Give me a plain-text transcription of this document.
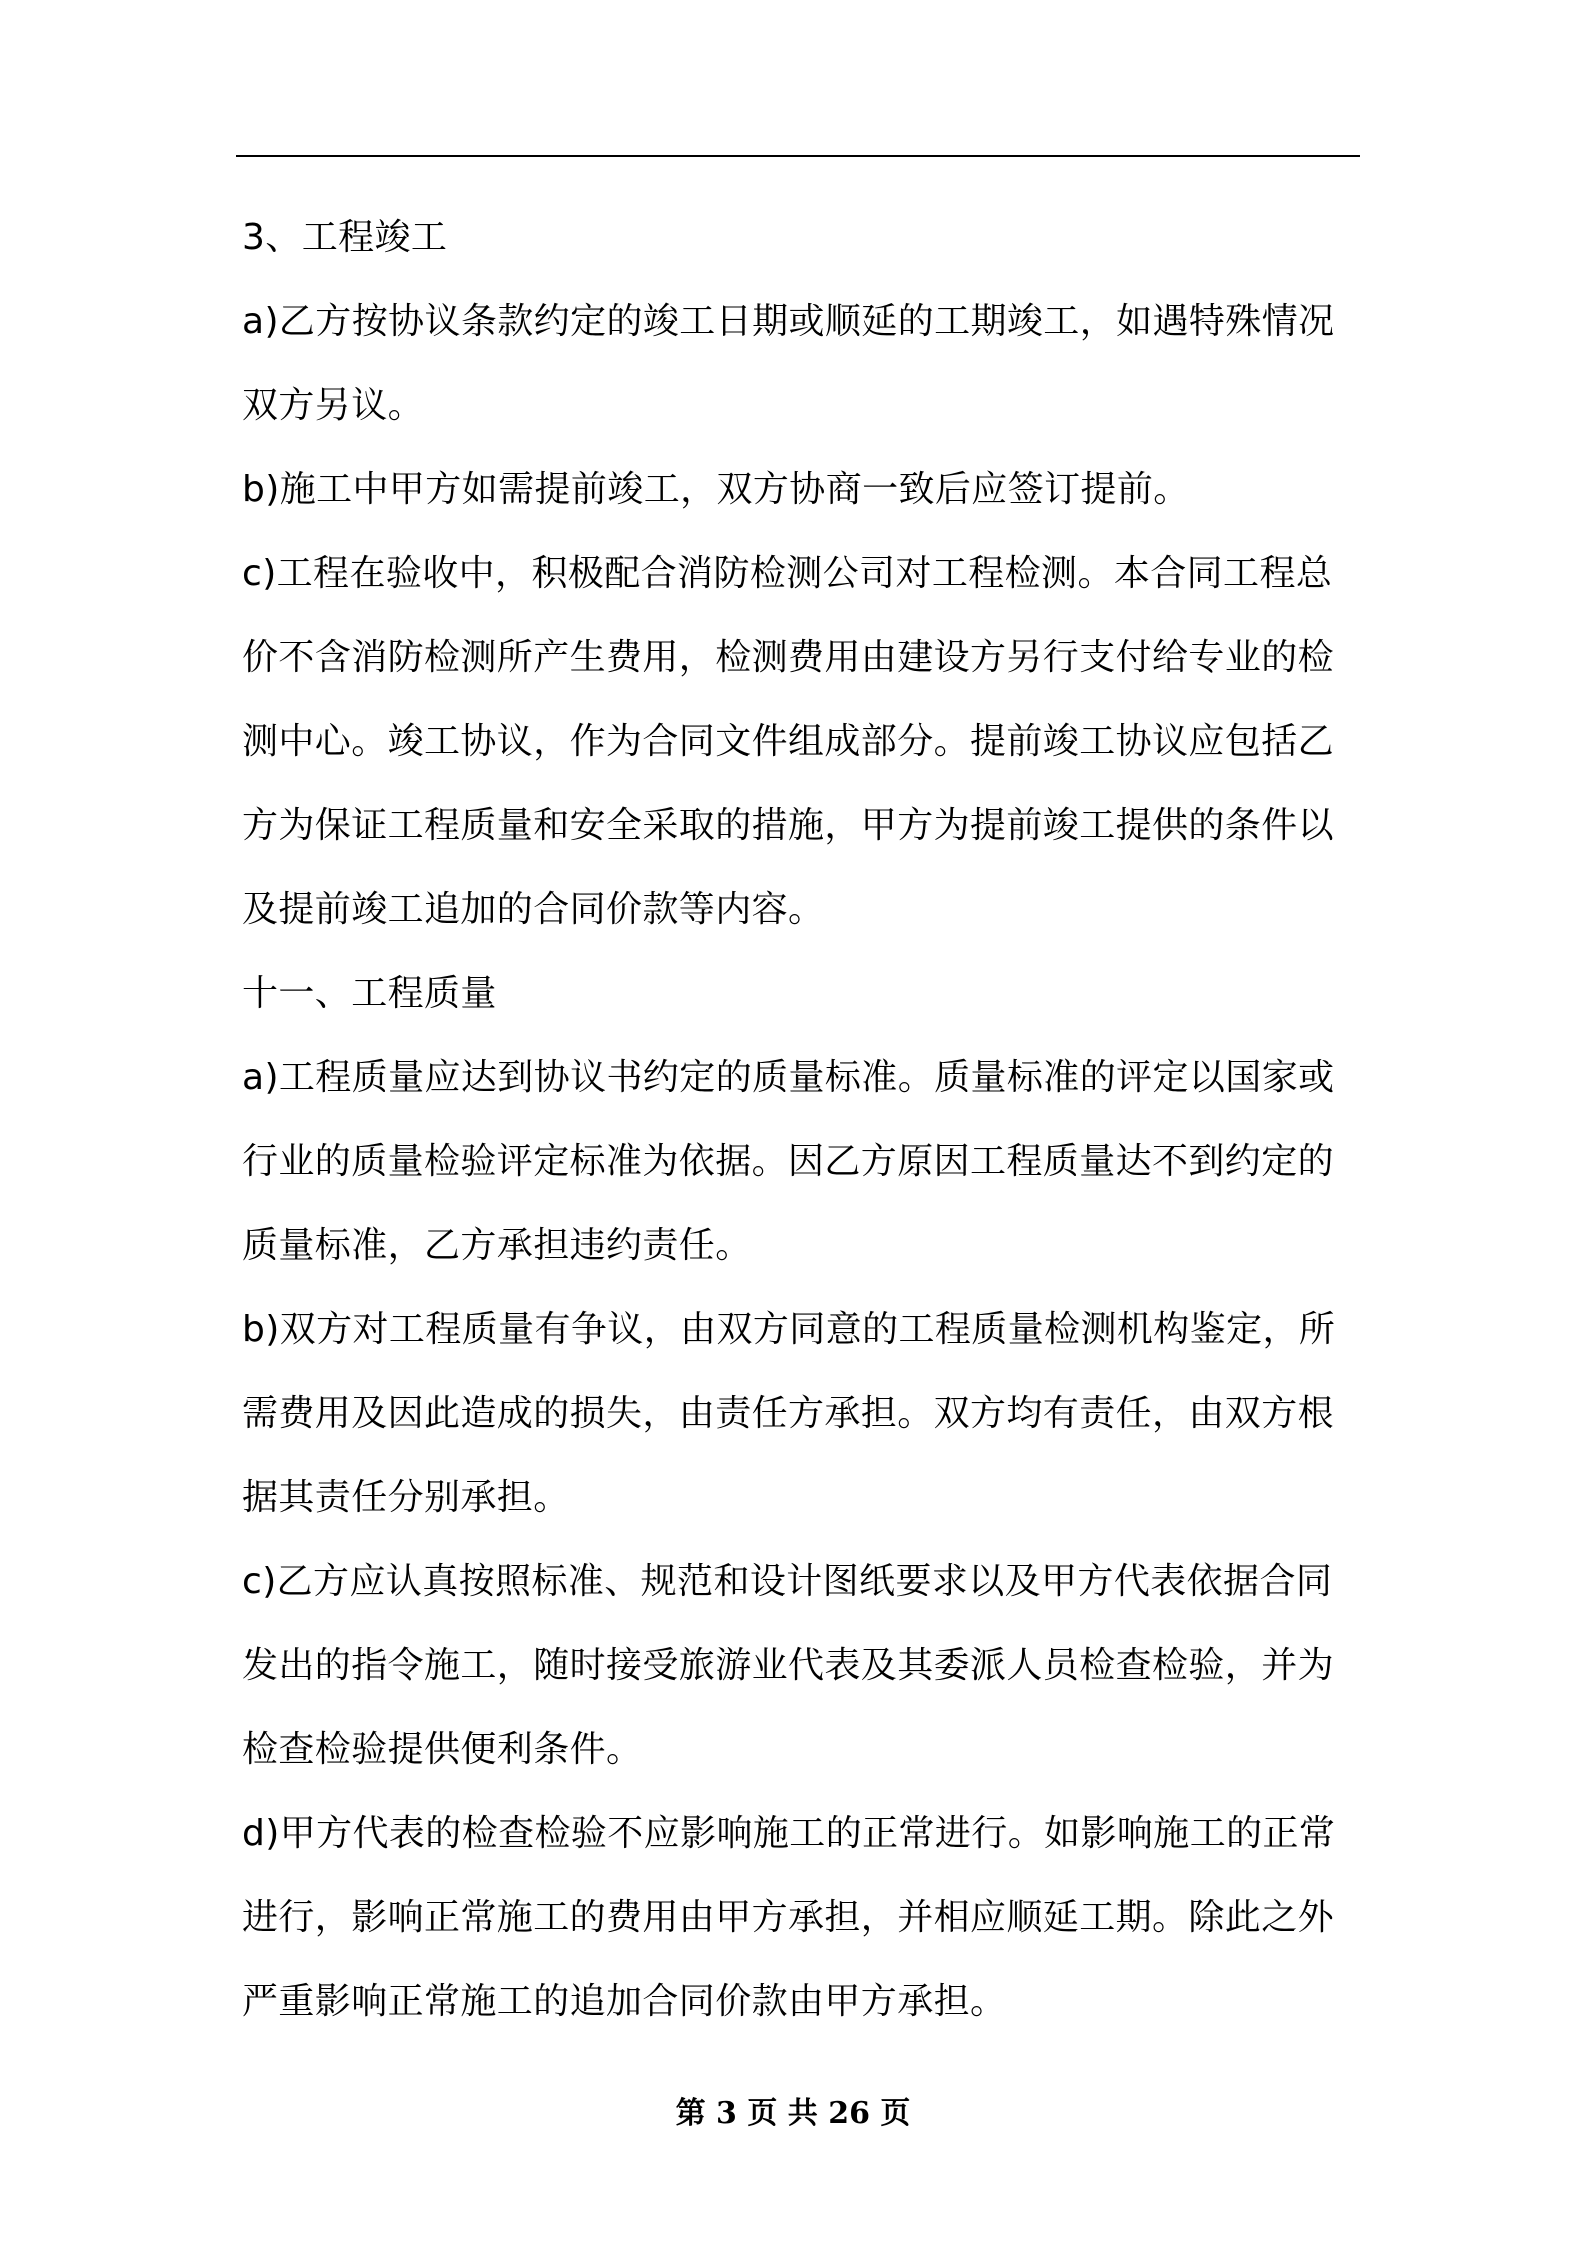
3、工程竣工
a)乙方按协议条款约定的竣工日期或顺延的工期竣工，如遇特殊情况
双方另议。
b)施工中甲方如需提前竣工，双方协商一致后应签订提前。
c)工程在验收中，积极配合消防检测公司对工程检测。本合同工程总
价不含消防检测所产生费用，检测费用由建设方另行支付给专业的检
测中心。竣工协议，作为合同文件组成部分。提前竣工协议应包括乙
方为保证工程质量和安全采取的措施，甲方为提前竣工提供的条件以
及提前竣工追加的合同价款等内容。
十一、工程质量
a)工程质量应达到协议书约定的质量标准。质量标准的评定以国家或
行业的质量检验评定标准为依据。因乙方原因工程质量达不到约定的
质量标准，乙方承担违约责任。
b)双方对工程质量有争议，由双方同意的工程质量检测机构鉴定，所
需费用及因此造成的损失，由责任方承担。双方均有责任，由双方根
据其责任分别承担。
c)乙方应认真按照标准、规范和设计图纸要求以及甲方代表依据合同
发出的指令施工，随时接受旅游业代表及其委派人员检查检验，并为
检查检验提供便利条件。
d)甲方代表的检查检验不应影响施工的正常进行。如影响施工的正常
进行，影响正常施工的费用由甲方承担，并相应顺延工期。除此之外
严重影响正常施工的追加合同价款由甲方承担。
第 3 页 共 26 页
